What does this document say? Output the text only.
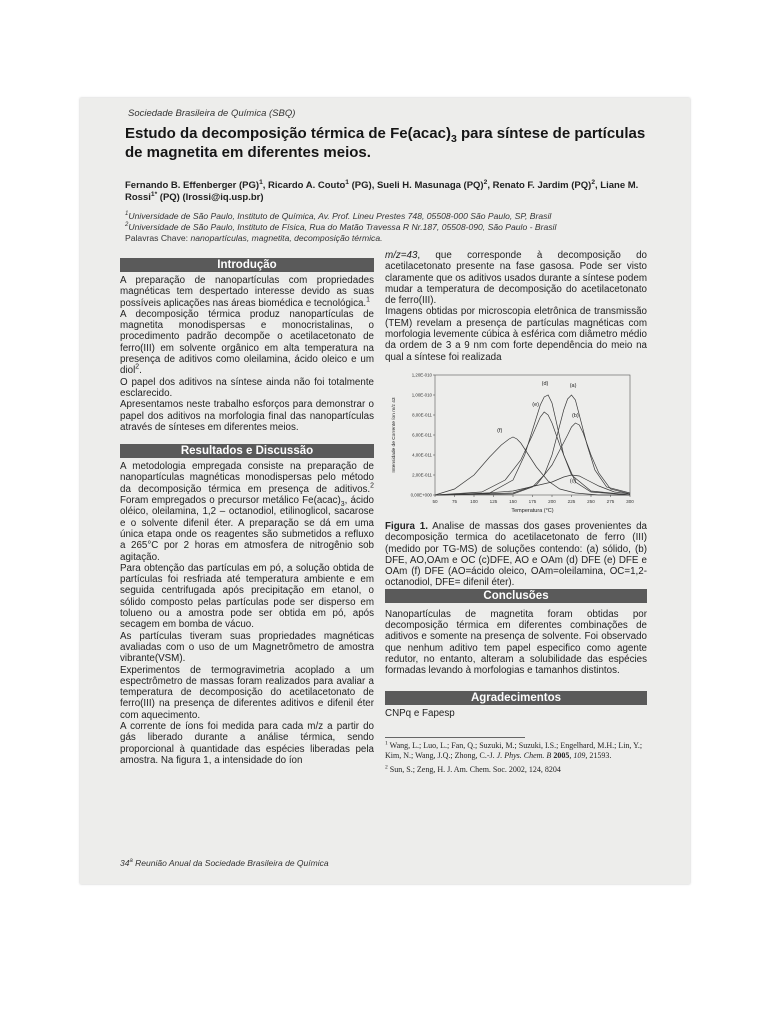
Sociedade Brasileira de Química (SBQ)
Estudo da decomposição térmica de $Fe(acac)_3$ para síntese de partículas de magnetita em diferentes meios.
Fernando B. Effenberger (PG)$^1$, Ricardo A. Couto$^1$ (PG), Sueli H. Masunaga (PQ)$^2$, Renato F. Jardim (PQ)$^2$, Liane M. Rossi$^{1*}$ (PQ) (lrossi@iq.usp.br)
$^1$Universidade de São Paulo, Instituto de Química, Av. Prof. Lineu Prestes 748, 05508-000 São Paulo, SP, Brasil
$^2$Universidade de São Paulo, Instituto de Física, Rua do Matão Travessa R Nr.187, 05508-090, São Paulo - Brasil
Palavras Chave: nanopartículas, magnetita, decomposição térmica.
Introdução

A preparação de nanopartículas com propriedades magnéticas tem despertado interesse devido as suas possíveis aplicações nas áreas biomédica e tecnológica.$^1$

A decomposição térmica produz nanopartículas de magnetita monodispersas e monocristalinas, o procedimento padrão decompõe o acetilacetonato de ferro(III) em solvente orgânico em alta temperatura na presença de aditivos como oleilamina, ácido oleico e um diol$^2$.

O papel dos aditivos na síntese ainda não foi totalmente esclarecido.

Apresentamos neste trabalho esforços para demonstrar o papel dos aditivos na morfologia final das nanopartículas através de sínteses em diferentes meios.

Resultados e Discussão

A metodologia empregada consiste na preparação de nanopartículas magnéticas monodispersas pelo método da decomposição térmica em presença de aditivos.$^2$ Foram empregados o precursor metálico $Fe(acac)_3$, ácido oléico, oleilamina, 1,2 – octanodiol, etilinoglicol, sacarose e o solvente difenil éter. A preparação se dá em uma única etapa onde os reagentes são submetidos a refluxo a 265°C por 2 horas em atmosfera de nitrogênio sob agitação.

Para obtenção das partículas em pó, a solução obtida de partículas foi resfriada até temperatura ambiente e em seguida centrifugada após precipitação em etanol, o sólido composto pelas partículas pode ser disperso em tolueno ou a amostra pode ser obtida em pó, após secagem em bomba de vácuo.

As partículas tiveram suas propriedades magnéticas avaliadas com o uso de um Magnetrômetro de amostra vibrante(VSM).

Experimentos de termogravimetria acoplado a um espectrômetro de massas foram realizados para avaliar a temperatura de decomposição do acetilacetonato de ferro(III) na presença de diferentes aditivos e difenil éter com aquecimento.

A corrente de íons foi medida para cada m/z a partir do gás liberado durante a análise térmica, sendo proporcional à quantidade das espécies liberadas pela amostra. Na figura 1, a intensidade do íon

m/z=43, que corresponde à decomposição do acetilacetonato presente na fase gasosa. Pode ser visto claramente que os aditivos usados durante a síntese podem mudar a temperatura de decomposição do acetilacetonato de ferro(III).

Imagens obtidas por microscopia eletrônica de transmissão (TEM) revelam a presença de partículas magnéticas com morfologia levemente cúbica à esférica com diâmetro médio da ordem de 3 a 9 nm com forte dependência do meio na qual a síntese foi realizada

50	75	100	125	150	175	200	225	250	275	300
0,00E+000
2,00E-011
4,00E-011
6,00E-011
8,00E-011
1,00E-010
1,20E-010
Temperatura (°C)
Intensidade de Corrente Íon m/z 43
(a)
(b)
(c)
(d)
(e)
(f)

Figura 1. Analise de massas dos gases provenientes da decomposição termica do acetilacetonato de ferro (III) (medido por TG-MS) de soluções contendo: (a) sólido, (b) DFE, AO,OAm e OC (c)DFE, AO e OAm (d) DFE (e) DFE e OAm (f) DFE (AO=ácido oleico, OAm=oleilamina, OC=1,2-octanodiol, DFE= difenil éter).

Conclusões

Nanopartículas de magnetita foram obtidas por decomposição térmica em diferentes combinações de aditivos e somente na presença de solvente. Foi observado que nenhum aditivo tem papel especifico como agente redutor, no entanto, alteram a solubilidade das espécies formadas levando à morfologias e tamanhos distintos.

Agradecimentos

CNPq e Fapesp

$^1$ Wang, L.; Luo, L.; Fan, Q.; Suzuki, M.; Suzuki, I.S.; Engelhard, M.H.; Lin, Y.; Kim, N.; Wang, J.Q.; Zhong, C.-J. J. Phys. Chem. B 2005, 109, 21593.

$^2$ Sun, S.; Zeng, H. J. Am. Chem. Soc. 2002, 124, 8204

34$^a$ Reunião Anual da Sociedade Brasileira de Química
